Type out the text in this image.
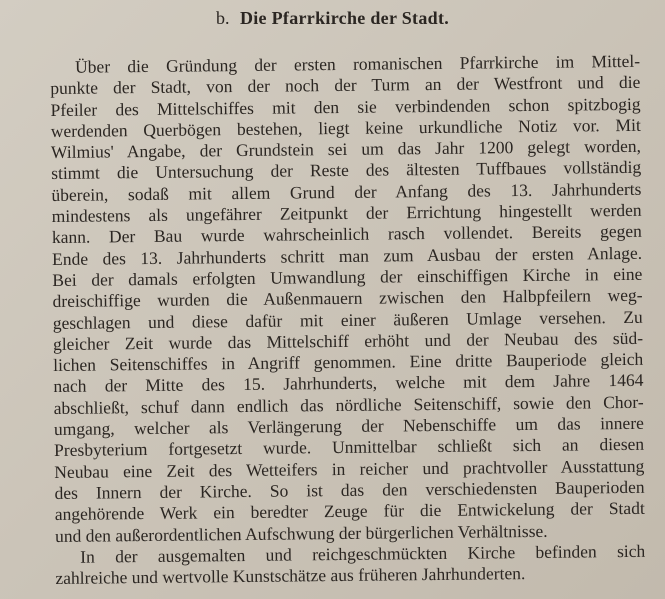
b. Die Pfarrkirche der Stadt.
Über die Gründung der ersten romanischen Pfarrkirche im Mittel-
punkte der Stadt, von der noch der Turm an der Westfront und die
Pfeiler des Mittelschiffes mit den sie verbindenden schon spitzbogig
werdenden Querbögen bestehen, liegt keine urkundliche Notiz vor. Mit
Wilmius' Angabe, der Grundstein sei um das Jahr 1200 gelegt worden,
stimmt die Untersuchung der Reste des ältesten Tuffbaues vollständig
überein, sodaß mit allem Grund der Anfang des 13. Jahrhunderts
mindestens als ungefährer Zeitpunkt der Errichtung hingestellt werden
kann. Der Bau wurde wahrscheinlich rasch vollendet. Bereits gegen
Ende des 13. Jahrhunderts schritt man zum Ausbau der ersten Anlage.
Bei der damals erfolgten Umwandlung der einschiffigen Kirche in eine
dreischiffige wurden die Außenmauern zwischen den Halbpfeilern weg-
geschlagen und diese dafür mit einer äußeren Umlage versehen. Zu
gleicher Zeit wurde das Mittelschiff erhöht und der Neubau des süd-
lichen Seitenschiffes in Angriff genommen. Eine dritte Bauperiode gleich
nach der Mitte des 15. Jahrhunderts, welche mit dem Jahre 1464
abschließt, schuf dann endlich das nördliche Seitenschiff, sowie den Chor-
umgang, welcher als Verlängerung der Nebenschiffe um das innere
Presbyterium fortgesetzt wurde. Unmittelbar schließt sich an diesen
Neubau eine Zeit des Wetteifers in reicher und prachtvoller Ausstattung
des Innern der Kirche. So ist das den verschiedensten Bauperioden
angehörende Werk ein beredter Zeuge für die Entwickelung der Stadt
und den außerordentlichen Aufschwung der bürgerlichen Verhältnisse.
In der ausgemalten und reichgeschmückten Kirche befinden sich
zahlreiche und wertvolle Kunstschätze aus früheren Jahrhunderten.
